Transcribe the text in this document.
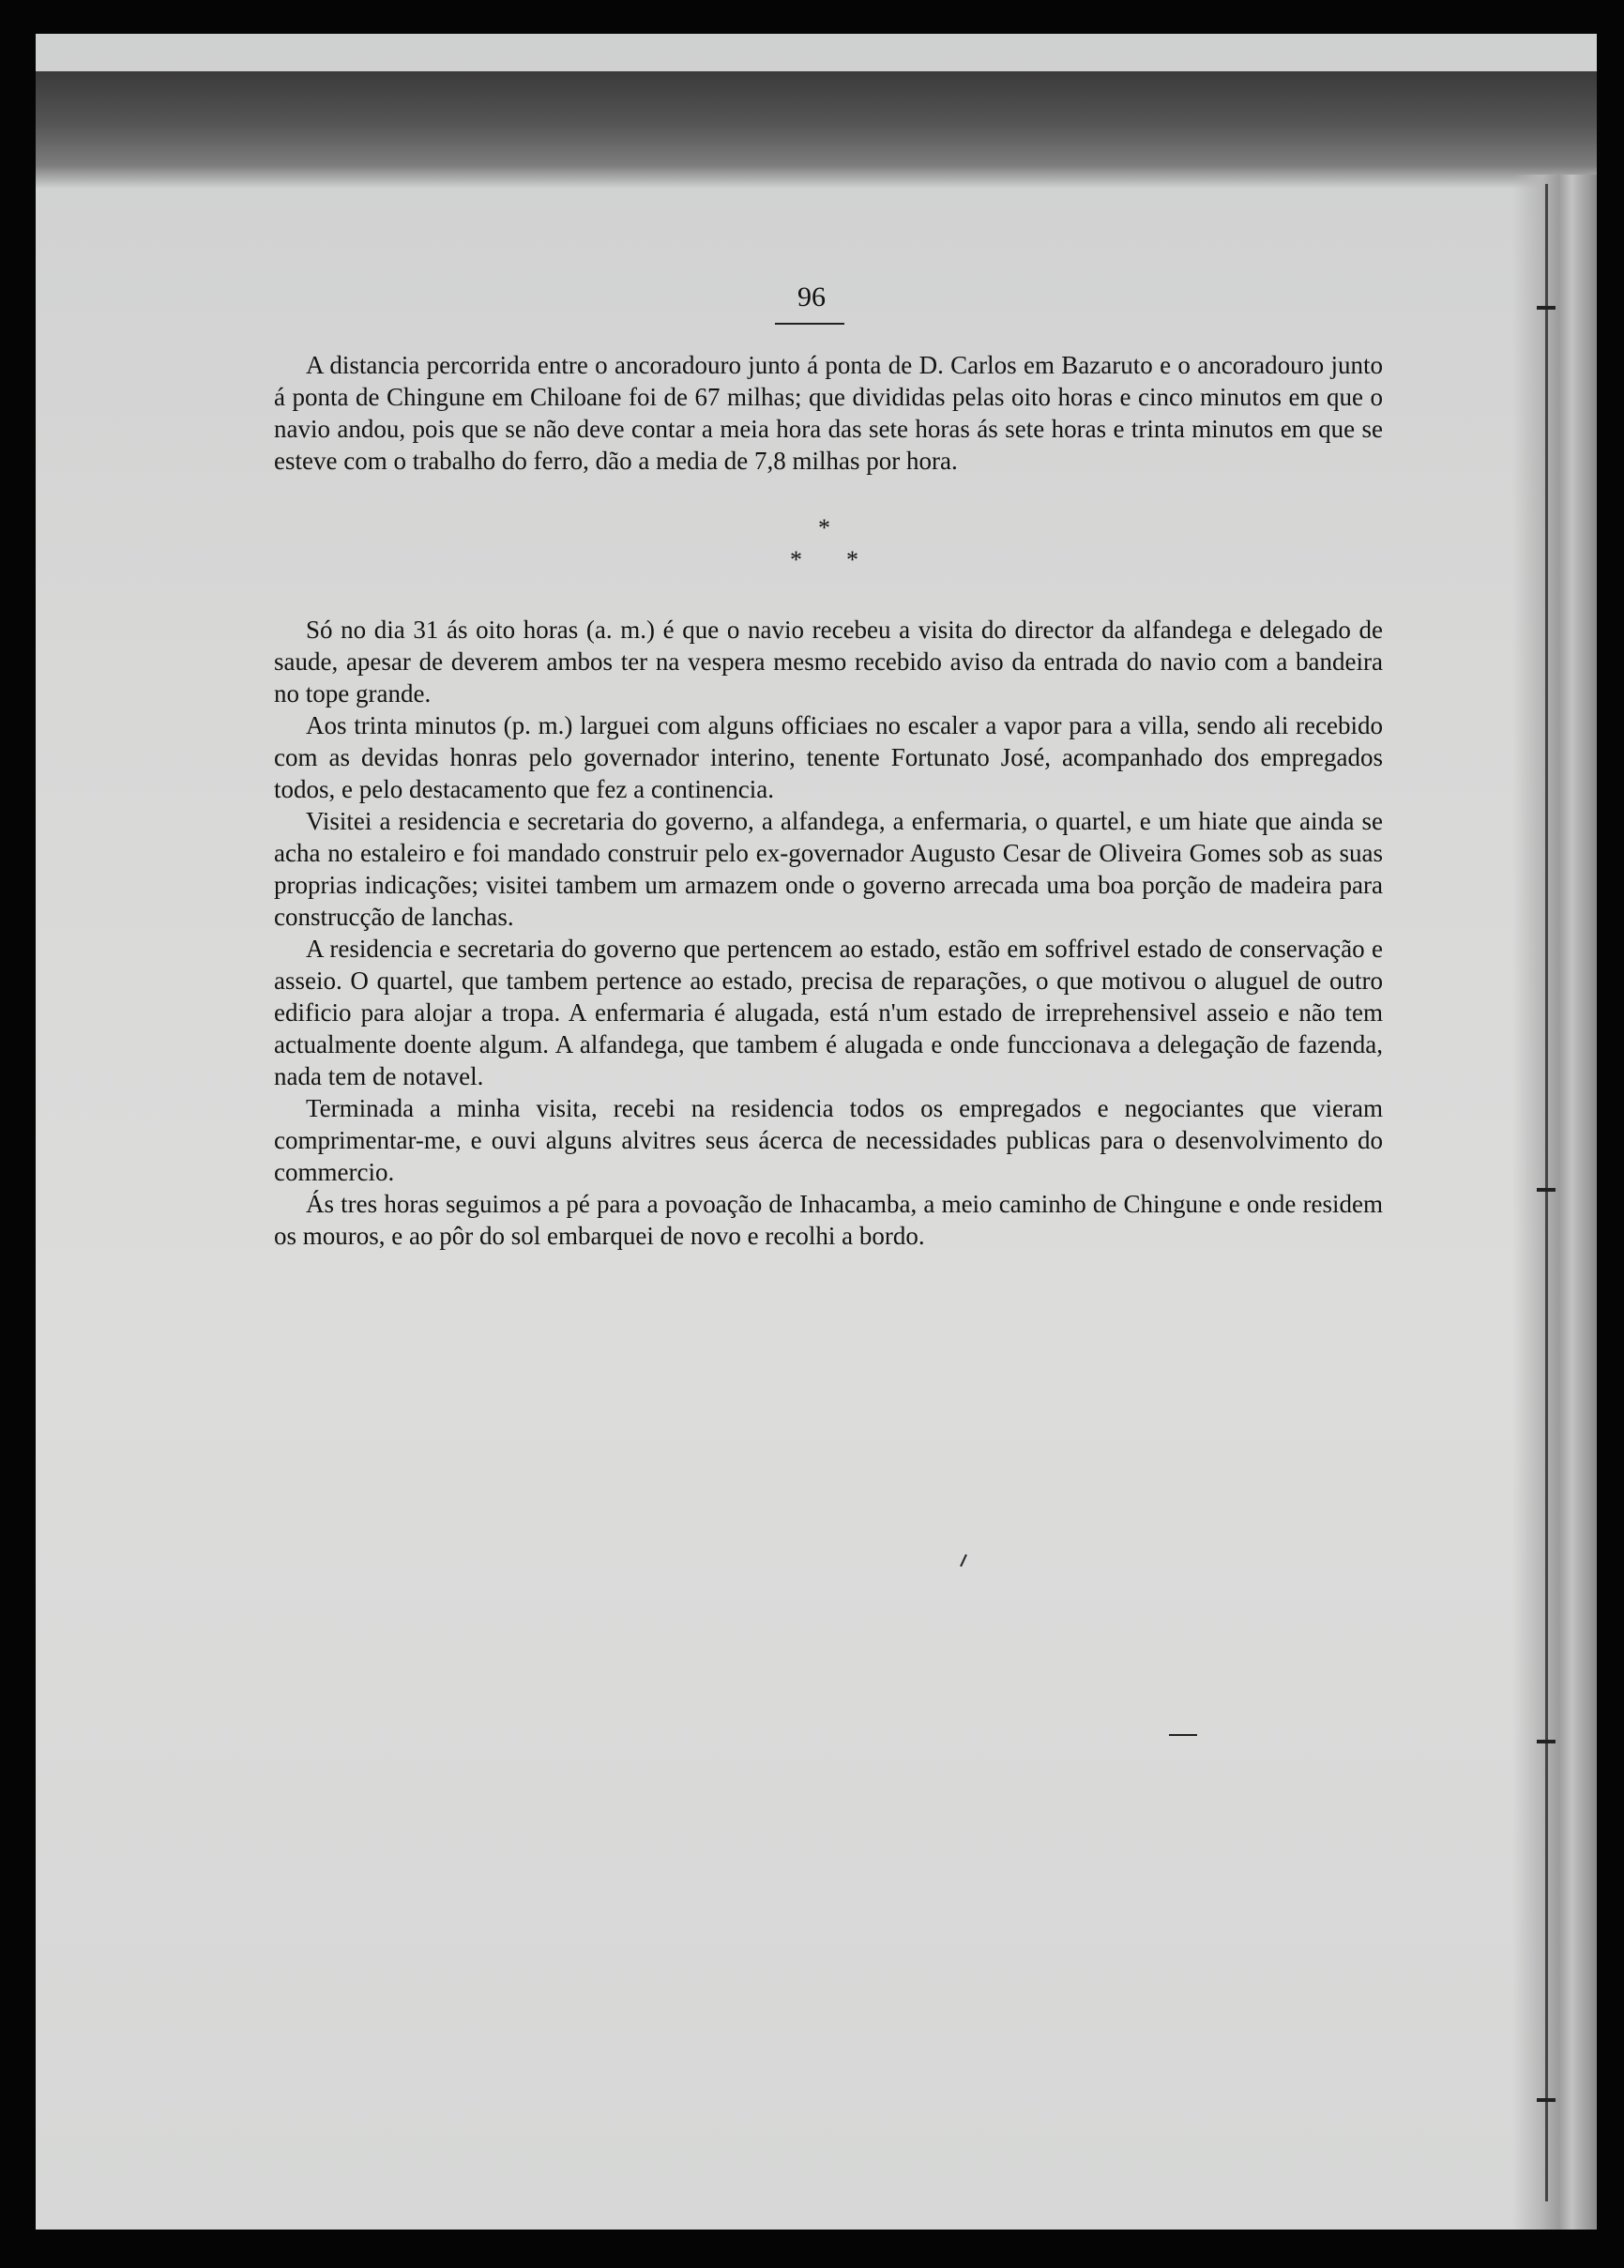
96

A distancia percorrida entre o ancoradouro junto á ponta de D. Carlos em Bazaruto e o ancoradouro junto á ponta de Chingune em Chiloane foi de 67 milhas; que divididas pelas oito horas e cinco minutos em que o navio andou, pois que se não deve contar a meia hora das sete horas ás sete horas e trinta minutos em que se esteve com o trabalho do ferro, dão a media de 7,8 milhas por hora.

*
* *

Só no dia 31 ás oito horas (a. m.) é que o navio recebeu a visita do director da alfandega e delegado de saude, apesar de deverem ambos ter na vespera mesmo recebido aviso da entrada do navio com a bandeira no tope grande.

Aos trinta minutos (p. m.) larguei com alguns officiaes no escaler a vapor para a villa, sendo ali recebido com as devidas honras pelo governador interino, tenente Fortunato José, acompanhado dos empregados todos, e pelo destacamento que fez a continencia.

Visitei a residencia e secretaria do governo, a alfandega, a enfermaria, o quartel, e um hiate que ainda se acha no estaleiro e foi mandado construir pelo ex-governador Augusto Cesar de Oliveira Gomes sob as suas proprias indicações; visitei tambem um armazem onde o governo arrecada uma boa porção de madeira para construcção de lanchas.

A residencia e secretaria do governo que pertencem ao estado, estão em soffrivel estado de conservação e asseio. O quartel, que tambem pertence ao estado, precisa de reparações, o que motivou o aluguel de outro edificio para alojar a tropa. A enfermaria é alugada, está n'um estado de irreprehensivel asseio e não tem actualmente doente algum. A alfandega, que tambem é alugada e onde funccionava a delegação de fazenda, nada tem de notavel.

Terminada a minha visita, recebi na residencia todos os empregados e negociantes que vieram comprimentar-me, e ouvi alguns alvitres seus ácerca de necessidades publicas para o desenvolvimento do commercio.

Ás tres horas seguimos a pé para a povoação de Inhacamba, a meio caminho de Chingune e onde residem os mouros, e ao pôr do sol embarquei de novo e recolhi a bordo.
